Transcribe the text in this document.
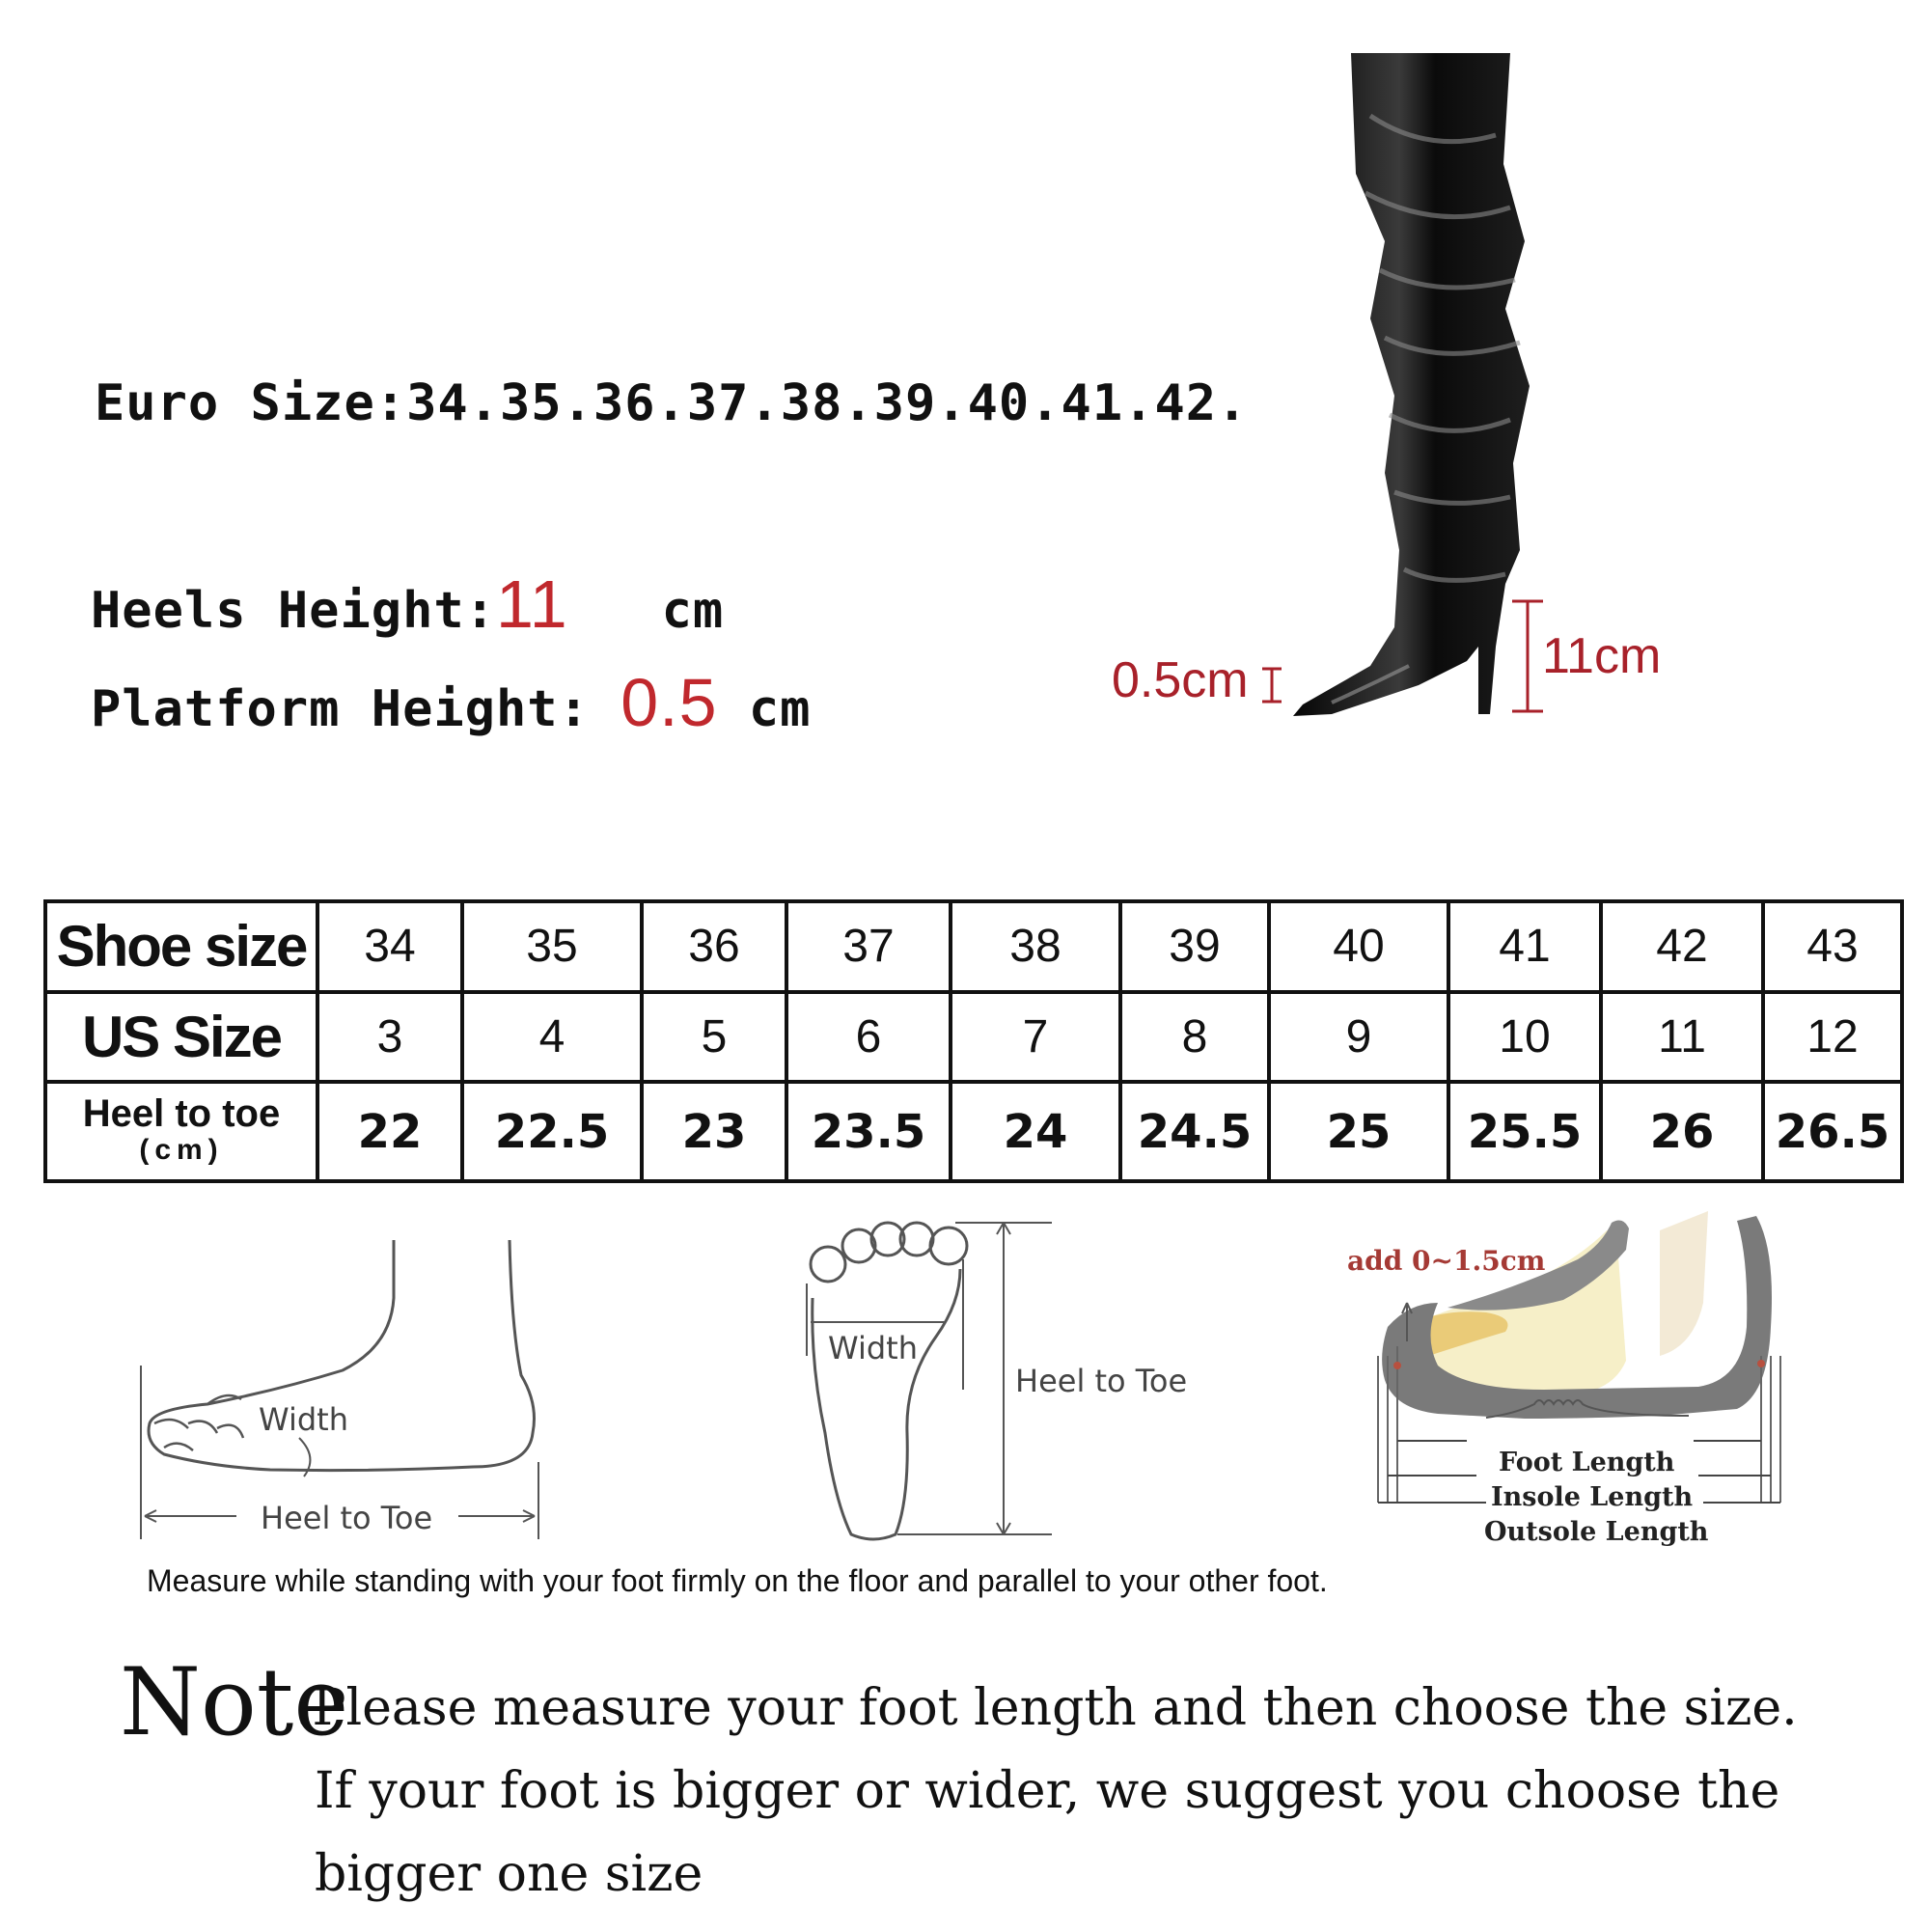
Euro Size:34.35.36.37.38.39.40.41.42.
Heels Height:11 cm
Platform Height: 0.5 cm	0.5cm	11cm
Shoe size	34	35	36	37	38	39	40	41	42	43
US Size	3	4	5	6	7	8	9	10	11	12
Heel to toe
(cm)	22	22.5	23	23.5	24	24.5	25	25.5	26	26.5
Width
Heel to Toe
Width
Heel to Toe
add 0~1.5cm
Foot Length
Insole Length
Outsole Length
Measure while standing with your foot firmly on the floor and parallel to your other foot.
Note
:Please measure your foot length and then choose the size.
If your foot is bigger or wider, we suggest you choose the
bigger one size
